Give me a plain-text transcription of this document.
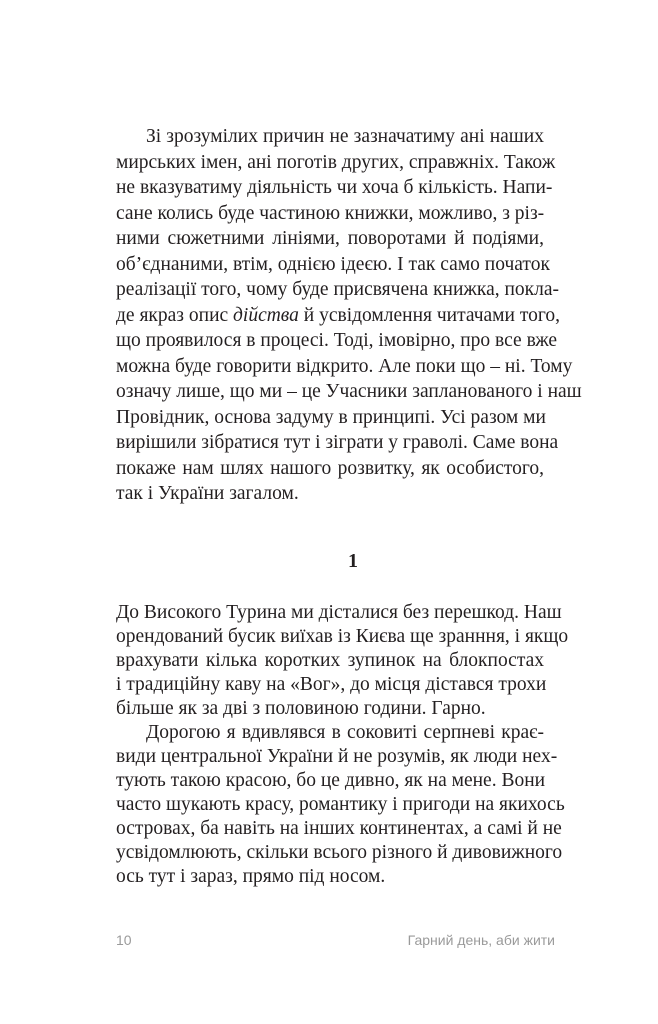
Зі зрозумілих причин не зазначатиму ані наших
мирських імен, ані поготів других, справжніх. Також
не вказуватиму діяльність чи хоча б кількість. Напи-
сане колись буде частиною книжки, можливо, з різ-
ними сюжетними лініями, поворотами й подіями,
об’єднаними, втім, однією ідеєю. І так само початок
реалізації того, чому буде присвячена книжка, покла-
де якраз опис дійства й усвідомлення читачами того,
що проявилося в процесі. Тоді, імовірно, про все вже
можна буде говорити відкрито. Але поки що – ні. Тому
означу лише, що ми – це Учасники запланованого і наш
Провідник, основа задуму в принципі. Усі разом ми
вирішили зібратися тут і зіграти у граволі. Саме вона
покаже нам шлях нашого розвитку, як особистого,
так і України загалом.
1
До Високого Турина ми дісталися без перешкод. Наш
орендований бусик виїхав із Києва ще зранння, і якщо
врахувати кілька коротких зупинок на блокпостах
і традиційну каву на «Вог», до місця дістався трохи
більше як за дві з половиною години. Гарно.
Дорогою я вдивлявся в соковиті серпневі крає-
види центральної України й не розумів, як люди нех-
тують такою красою, бо це дивно, як на мене. Вони
часто шукають красу, романтику і пригоди на якихось
островах, ба навіть на інших континентах, а самі й не
усвідомлюють, скільки всього різного й дивовижного
ось тут і зараз, прямо під носом.
10	Гарний день, аби жити
